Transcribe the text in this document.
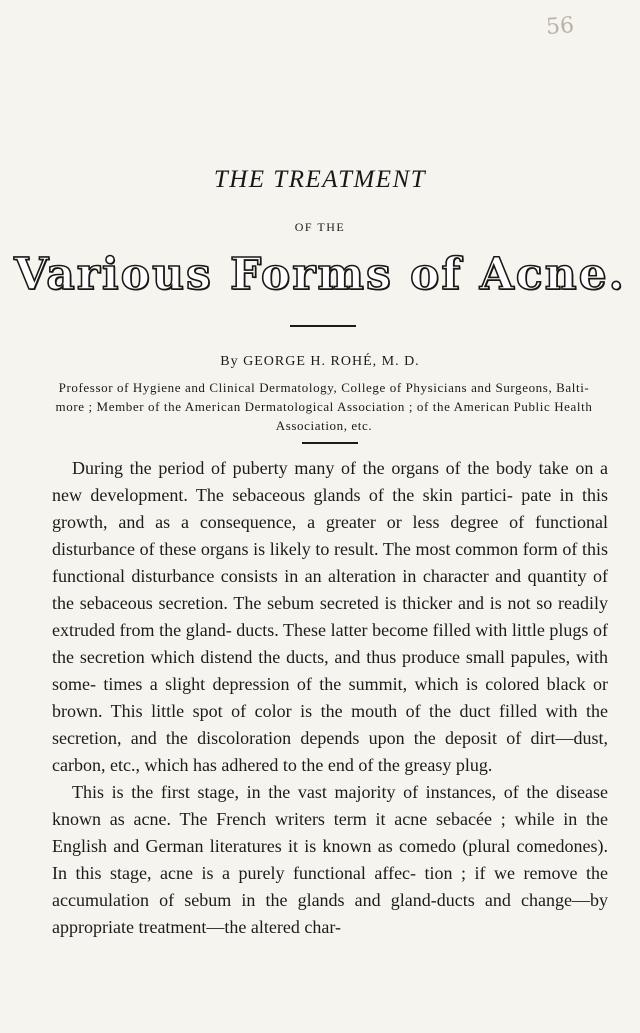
56
THE TREATMENT
OF THE
Various Forms of Acne.
By GEORGE H. ROHÉ, M. D.
Professor of Hygiene and Clinical Dermatology, College of Physicians and Surgeons, Balti- more ; Member of the American Dermatological Association ; of the American Public Health Association, etc.

During the period of puberty many of the organs of the body take on a new development. The sebaceous glands of the skin partici- pate in this growth, and as a consequence, a greater or less degree of functional disturbance of these organs is likely to result. The most common form of this functional disturbance consists in an alteration in character and quantity of the sebaceous secretion. The sebum secreted is thicker and is not so readily extruded from the gland- ducts. These latter become filled with little plugs of the secretion which distend the ducts, and thus produce small papules, with some- times a slight depression of the summit, which is colored black or brown. This little spot of color is the mouth of the duct filled with the secretion, and the discoloration depends upon the deposit of dirt—dust, carbon, etc., which has adhered to the end of the greasy plug.

This is the first stage, in the vast majority of instances, of the disease known as acne. The French writers term it acne sebacée ; while in the English and German literatures it is known as comedo (plural comedones). In this stage, acne is a purely functional affec- tion ; if we remove the accumulation of sebum in the glands and gland-ducts and change—by appropriate treatment—the altered char-
